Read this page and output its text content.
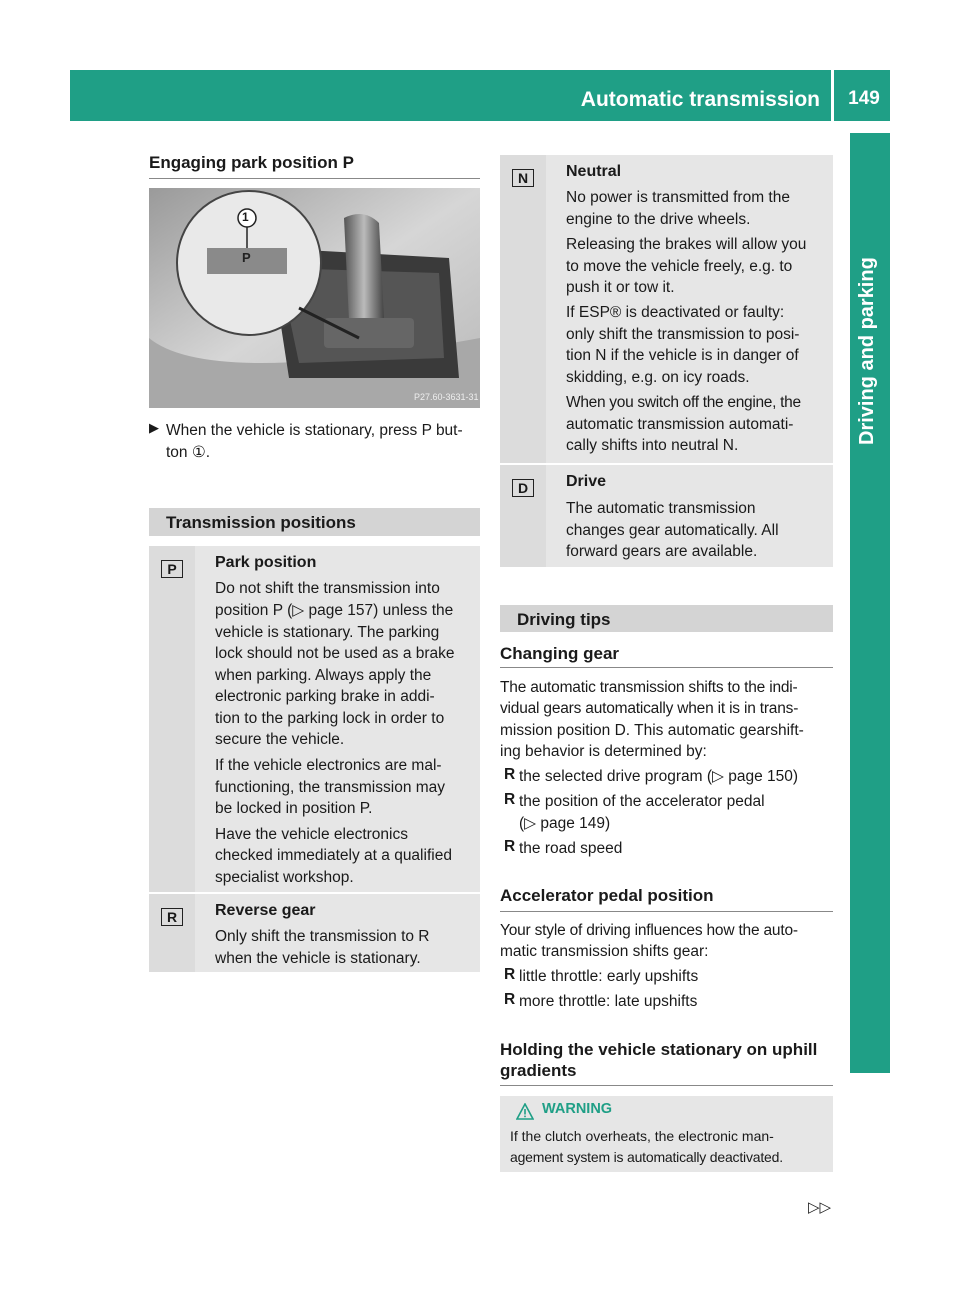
Automatic transmission	149
Driving and parking
Engaging park position P
1
P
P27.60-3631-31
▶ When the vehicle is stationary, press P but-
ton ①.
Transmission positions
P	Park position
Do not shift the transmission into
position P (▷ page 157) unless the
vehicle is stationary. The parking
lock should not be used as a brake
when parking. Always apply the
electronic parking brake in addi-
tion to the parking lock in order to
secure the vehicle.
If the vehicle electronics are mal-
functioning, the transmission may
be locked in position P.
Have the vehicle electronics
checked immediately at a qualified
specialist workshop.
R	Reverse gear
Only shift the transmission to R
when the vehicle is stationary.
N	Neutral
No power is transmitted from the
engine to the drive wheels.
Releasing the brakes will allow you
to move the vehicle freely, e.g. to
push it or tow it.
If ESP® is deactivated or faulty:
only shift the transmission to posi-
tion N if the vehicle is in danger of
skidding, e.g. on icy roads.
When you switch off the engine, the
automatic transmission automati-
cally shifts into neutral N.
D	Drive
The automatic transmission
changes gear automatically. All
forward gears are available.
Driving tips
Changing gear
The automatic transmission shifts to the indi-
vidual gears automatically when it is in trans-
mission position D. This automatic gearshift-
ing behavior is determined by:
R the selected drive program (▷ page 150)
R the position of the accelerator pedal
(▷ page 149)
R the road speed
Accelerator pedal position
Your style of driving influences how the auto-
matic transmission shifts gear:
R little throttle: early upshifts
R more throttle: late upshifts
Holding the vehicle stationary on uphill
gradients
WARNING
If the clutch overheats, the electronic man-
agement system is automatically deactivated.
▷▷
